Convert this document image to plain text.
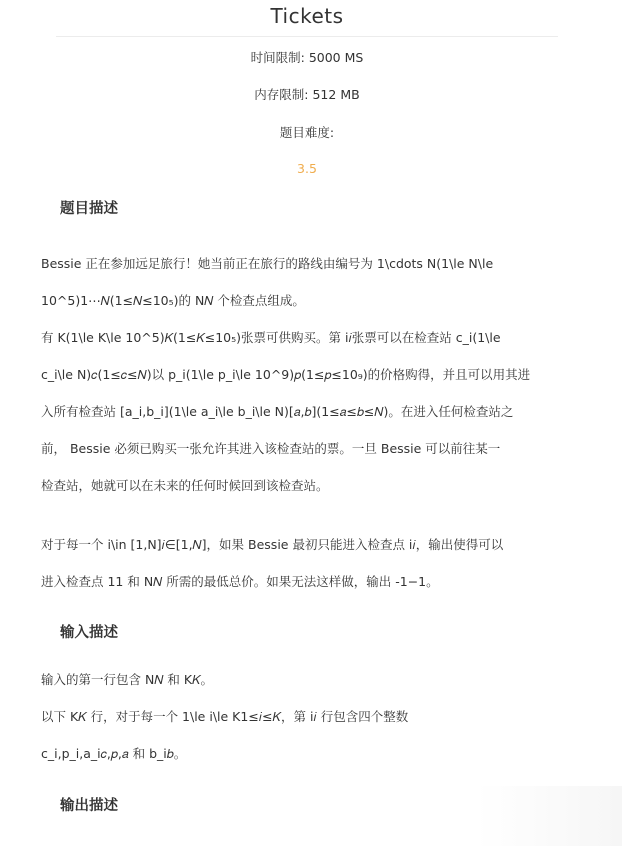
Tickets
时间限制: 5000 MS
内存限制: 512 MB
题目难度:
3.5
题目描述
Bessie 正在参加远足旅行！她当前正在旅行的路线由编号为 1\cdots N(1\le N\le
10^5)1⋯𝑁(1≤𝑁≤10₅)的 N𝑁 个检查点组成。
有 K(1\le K\le 10^5)𝐾(1≤𝐾≤10₅)张票可供购买。第 i𝑖张票可以在检查站 c_i(1\le
c_i\le N)𝑐(1≤𝑐≤𝑁)以 p_i(1\le p_i\le 10^9)𝑝(1≤𝑝≤10₉)的价格购得，并且可以用其进
入所有检查站 [a_i,b_i](1\le a_i\le b_i\le N)[𝑎,𝑏](1≤𝑎≤𝑏≤𝑁)。在进入任何检查站之
前， Bessie 必须已购买一张允许其进入该检查站的票。一旦 Bessie 可以前往某一
检查站，她就可以在未来的任何时候回到该检查站。
对于每一个 i\in [1,N]𝑖∈[1,𝑁]，如果 Bessie 最初只能进入检查点 i𝑖，输出使得可以
进入检查点 11 和 N𝑁 所需的最低总价。如果无法这样做，输出 -1−1。
输入描述
输入的第一行包含 N𝑁 和 K𝐾。
以下 K𝐾 行，对于每一个 1\le i\le K1≤𝑖≤𝐾，第 i𝑖 行包含四个整数
c_i,p_i,a_i𝑐,𝑝,𝑎 和 b_i𝑏。
输出描述
